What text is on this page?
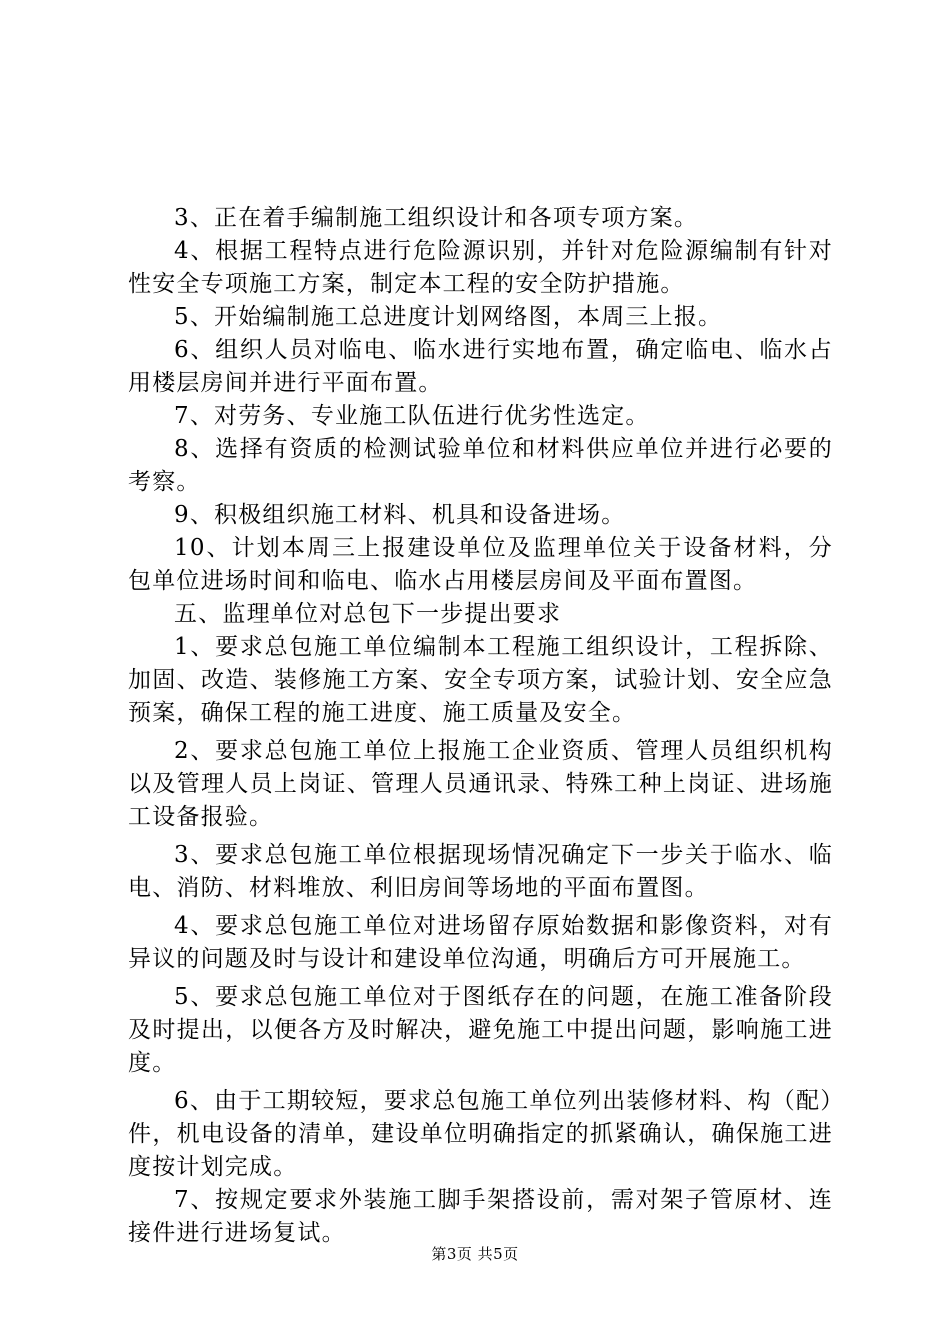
3、正在着手编制施工组织设计和各项专项方案。

4、根据工程特点进行危险源识别，并针对危险源编制有针对性安全专项施工方案，制定本工程的安全防护措施。

5、开始编制施工总进度计划网络图，本周三上报。

6、组织人员对临电、临水进行实地布置，确定临电、临水占用楼层房间并进行平面布置。

7、对劳务、专业施工队伍进行优劣性选定。

8、选择有资质的检测试验单位和材料供应单位并进行必要的考察。

9、积极组织施工材料、机具和设备进场。

10、计划本周三上报建设单位及监理单位关于设备材料，分包单位进场时间和临电、临水占用楼层房间及平面布置图。

五、监理单位对总包下一步提出要求

1、要求总包施工单位编制本工程施工组织设计，工程拆除、加固、改造、装修施工方案、安全专项方案，试验计划、安全应急预案，确保工程的施工进度、施工质量及安全。

2、要求总包施工单位上报施工企业资质、管理人员组织机构以及管理人员上岗证、管理人员通讯录、特殊工种上岗证、进场施工设备报验。

3、要求总包施工单位根据现场情况确定下一步关于临水、临电、消防、材料堆放、利旧房间等场地的平面布置图。

4、要求总包施工单位对进场留存原始数据和影像资料，对有异议的问题及时与设计和建设单位沟通，明确后方可开展施工。

5、要求总包施工单位对于图纸存在的问题，在施工准备阶段及时提出，以便各方及时解决，避免施工中提出问题，影响施工进度。

6、由于工期较短，要求总包施工单位列出装修材料、构（配）件，机电设备的清单，建设单位明确指定的抓紧确认，确保施工进度按计划完成。

7、按规定要求外装施工脚手架搭设前，需对架子管原材、连接件进行进场复试。

第3页 共5页
